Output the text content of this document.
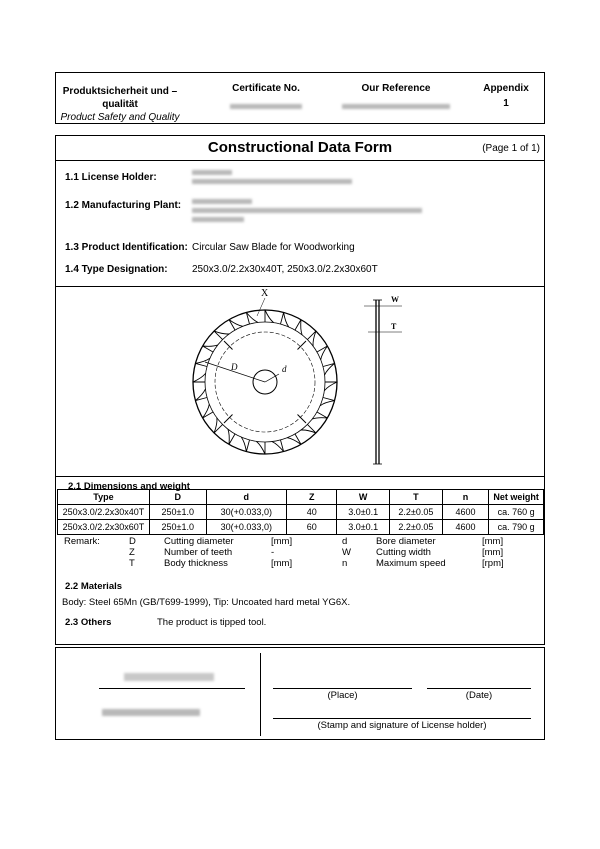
Produktsicherheit und –qualität
Product Safety and Quality
Certificate No.	Our Reference	Appendix
1
Constructional Data Form	(Page 1 of 1)
1.1 License Holder:
1.2 Manufacturing Plant:
1.3 Product Identification: Circular Saw Blade for Woodworking
1.4 Type Designation: 250x3.0/2.2x30x40T, 250x3.0/2.2x30x60T
X
D	d
W
T
2.1 Dimensions and weight
Type	D	d	Z	W	T	n	Net weight
250x3.0/2.2x30x40T	250±1.0	30(+0.033,0)	40	3.0±0.1	2.2±0.05	4600	ca. 760 g
250x3.0/2.2x30x60T	250±1.0	30(+0.033,0)	60	3.0±0.1	2.2±0.05	4600	ca. 790 g
Remark:	D	Cutting diameter	[mm]	d	Bore diameter	[mm]
Z	Number of teeth	-	W	Cutting width	[mm]
T	Body thickness	[mm]	n	Maximum speed	[rpm]
2.2 Materials
Body: Steel 65Mn (GB/T699-1999), Tip: Uncoated hard metal YG6X.
2.3 Others	The product is tipped tool.
(Place)	(Date)
(Stamp and signature of License holder)
